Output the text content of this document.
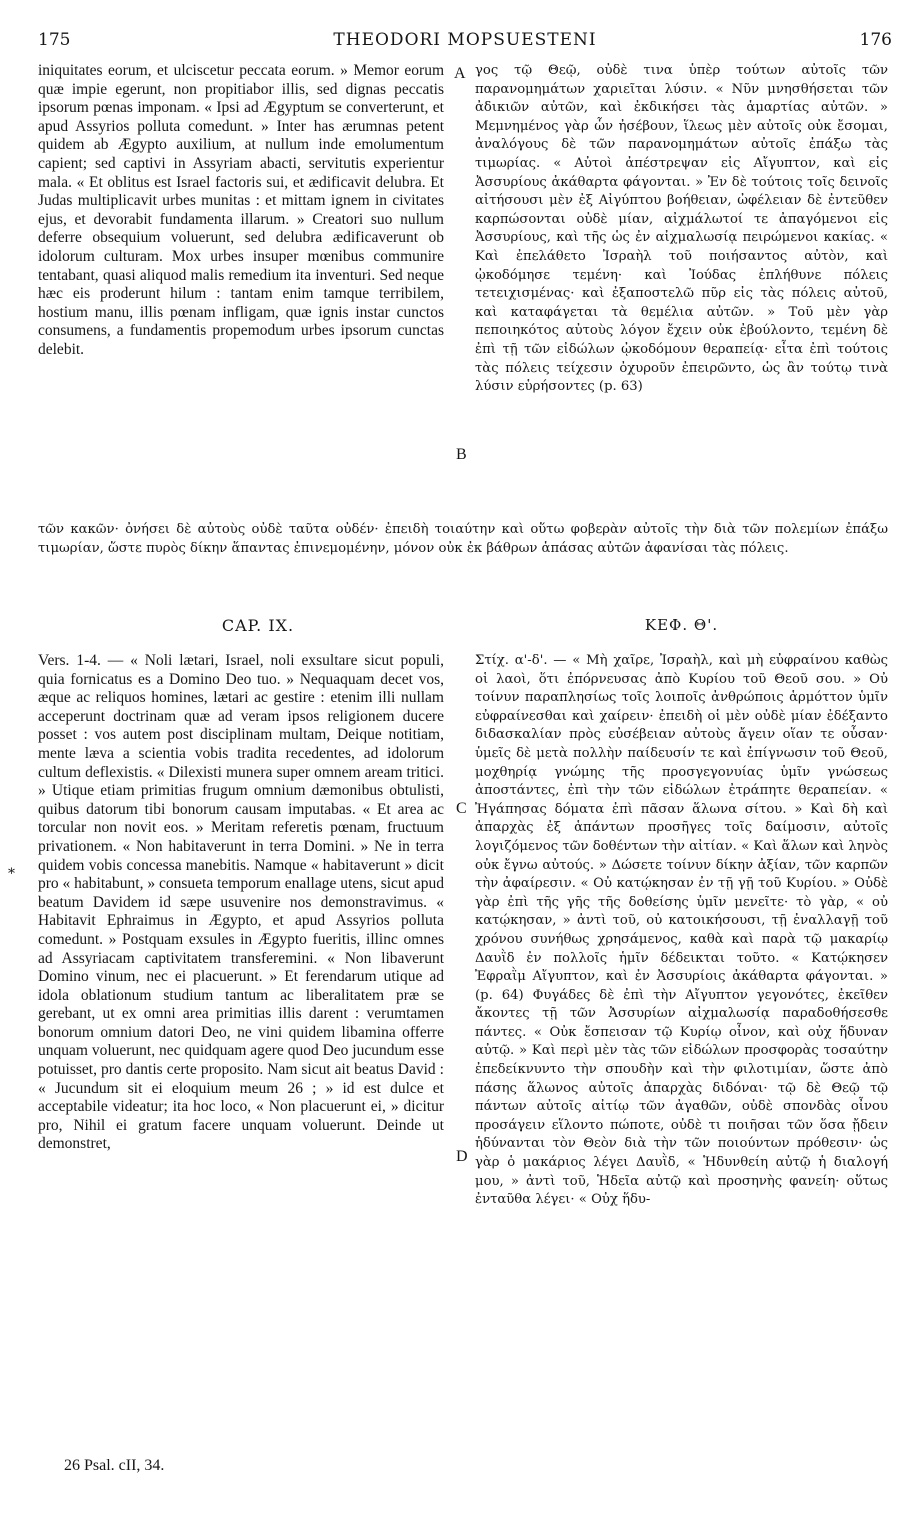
175	THEODORI MOPSUESTENI	176

iniquitates eorum, et ulciscetur peccata eorum. » Memor eorum quæ impie egerunt, non propitiabor illis, sed dignas peccatis ipsorum pœnas imponam. « Ipsi ad Ægyptum se converterunt, et apud Assyrios polluta comedunt. » Inter has ærumnas petent quidem ab Ægypto auxilium, at nullum inde emolumentum capient; sed captivi in Assyriam abacti, servitutis experientur mala. « Et oblitus est Israel factoris sui, et ædificavit delubra. Et Judas multiplicavit urbes munitas : et mittam ignem in civitates ejus, et devorabit fundamenta illarum. » Creatori suo nullum deferre obsequium voluerunt, sed delubra ædificaverunt ob idolorum culturam. Mox urbes insuper mœnibus communire tentabant, quasi aliquod malis remedium ita inventuri. Sed neque hæc eis proderunt hilum : tantam enim tamque terribilem, hostium manu, illis pœnam infligam, quæ ignis instar cunctos consumens, a fundamentis propemodum urbes ipsorum cunctas delebit.

γος τῷ Θεῷ, οὐδὲ τινα ὑπὲρ τούτων αὐτοῖς τῶν παρανομημάτων χαριεῖται λύσιν. « Νῦν μνησθήσεται τῶν ἀδικιῶν αὐτῶν, καὶ ἐκδικήσει τὰς ἁμαρτίας αὐτῶν. » Μεμνημένος γὰρ ὧν ἠσέβουν, ἵλεως μὲν αὐτοῖς οὐκ ἔσομαι, ἀναλόγους δὲ τῶν παρανομημάτων αὐτοῖς ἐπάξω τὰς τιμωρίας. « Αὐτοὶ ἀπέστρεψαν εἰς Αἴγυπτον, καὶ εἰς Ἀσσυρίους ἀκάθαρτα φάγονται. » Ἐν δὲ τούτοις τοῖς δεινοῖς αἰτήσουσι μὲν ἐξ Αἰγύπτου βοήθειαν, ὠφέλειαν δὲ ἐντεῦθεν καρπώσονται οὐδὲ μίαν, αἰχμάλωτοί τε ἀπαγόμενοι εἰς Ἀσσυρίους, καὶ τῆς ὡς ἐν αἰχμαλωσίᾳ πειρώμενοι κακίας. « Καὶ ἐπελάθετο Ἰσραὴλ τοῦ ποιήσαντος αὐτὸν, καὶ ᾠκοδόμησε τεμένη· καὶ Ἰούδας ἐπλήθυνε πόλεις τετειχισμένας· καὶ ἐξαποστελῶ πῦρ εἰς τὰς πόλεις αὐτοῦ, καὶ καταφάγεται τὰ θεμέλια αὐτῶν. » Τοῦ μὲν γὰρ πεποιηκότος αὐτοὺς λόγον ἔχειν οὐκ ἐβούλοντο, τεμένη δὲ ἐπὶ τῇ τῶν εἰδώλων ᾠκοδόμουν θεραπείᾳ· εἶτα ἐπὶ τούτοις τὰς πόλεις τείχεσιν ὀχυροῦν ἐπειρῶντο, ὡς ἂν τούτῳ τινὰ λύσιν εὑρήσοντες (p. 63)

τῶν κακῶν· ὀνήσει δὲ αὐτοὺς οὐδὲ ταῦτα οὐδέν· ἐπειδὴ τοιαύτην καὶ οὕτω φοβερὰν αὐτοῖς τὴν διὰ τῶν πολεμίων ἐπάξω τιμωρίαν, ὥστε πυρὸς δίκην ἅπαντας ἐπινεμομένην, μόνον οὐκ ἐκ βάθρων ἁπάσας αὐτῶν ἀφανίσαι τὰς πόλεις.
CAP. IX.	ΚΕΦ. Θ'.

Vers. 1-4. — « Noli lætari, Israel, noli exsultare sicut populi, quia fornicatus es a Domino Deo tuo. » Nequaquam decet vos, æque ac reliquos homines, lætari ac gestire : etenim illi nullam acceperunt doctrinam quæ ad veram ipsos religionem ducere posset : vos autem post disciplinam multam, Deique notitiam, mente læva a scientia vobis tradita recedentes, ad idolorum cultum deflexistis. « Dilexisti munera super omnem aream tritici. » Utique etiam primitias frugum omnium dæmonibus obtulisti, quibus datorum tibi bonorum causam imputabas. « Et area ac torcular non novit eos. » Meritam referetis pœnam, fructuum privationem. « Non habitaverunt in terra Domini. » Ne in terra quidem vobis concessa manebitis. Namque « habitaverunt » dicit pro « habitabunt, » consueta temporum enallage utens, sicut apud beatum Davidem id sæpe usuvenire nos demonstravimus. « Habitavit Ephraimus in Ægypto, et apud Assyrios polluta comedunt. » Postquam exsules in Ægypto fueritis, illinc omnes ad Assyriacam captivitatem transferemini. « Non libaverunt Domino vinum, nec ei placuerunt. » Et ferendarum utique ad idola oblationum studium tantum ac liberalitatem præ se gerebant, ut ex omni area primitias illis darent : verumtamen bonorum omnium datori Deo, ne vini quidem libamina offerre unquam voluerunt, nec quidquam agere quod Deo jucundum esse potuisset, pro dantis certe proposito. Nam sicut ait beatus David : « Jucundum sit ei eloquium meum 26 ; » id est dulce et acceptabile videatur; ita hoc loco, « Non placuerunt ei, » dicitur pro, Nihil ei gratum facere unquam voluerunt. Deinde ut demonstret,

Στίχ. α'-δ'. — « Μὴ χαῖρε, Ἰσραὴλ, καὶ μὴ εὐφραίνου καθὼς οἱ λαοὶ, ὅτι ἐπόρνευσας ἀπὸ Κυρίου τοῦ Θεοῦ σου. » Οὐ τοίνυν παραπλησίως τοῖς λοιποῖς ἀνθρώποις ἁρμόττον ὑμῖν εὐφραίνεσθαι καὶ χαίρειν· ἐπειδὴ οἱ μὲν οὐδὲ μίαν ἐδέξαντο διδασκαλίαν πρὸς εὐσέβειαν αὐτοὺς ἄγειν οἵαν τε οὖσαν· ὑμεῖς δὲ μετὰ πολλὴν παίδευσίν τε καὶ ἐπίγνωσιν τοῦ Θεοῦ, μοχθηρίᾳ γνώμης τῆς προσγεγονυίας ὑμῖν γνώσεως ἀποστάντες, ἐπὶ τὴν τῶν εἰδώλων ἐτράπητε θεραπείαν. « Ἠγάπησας δόματα ἐπὶ πᾶσαν ἅλωνα σίτου. » Καὶ δὴ καὶ ἀπαρχὰς ἐξ ἁπάντων προσῆγες τοῖς δαίμοσιν, αὐτοῖς λογιζόμενος τῶν δοθέντων τὴν αἰτίαν. « Καὶ ἅλων καὶ ληνὸς οὐκ ἔγνω αὐτούς. » Δώσετε τοίνυν δίκην ἀξίαν, τῶν καρπῶν τὴν ἀφαίρεσιν. « Οὐ κατῴκησαν ἐν τῇ γῇ τοῦ Κυρίου. » Οὐδὲ γὰρ ἐπὶ τῆς γῆς τῆς δοθείσης ὑμῖν μενεῖτε· τὸ γὰρ, « οὐ κατῴκησαν, » ἀντὶ τοῦ, οὐ κατοικήσουσι, τῇ ἐναλλαγῇ τοῦ χρόνου συνήθως χρησάμενος, καθὰ καὶ παρὰ τῷ μακαρίῳ Δαυῒδ ἐν πολλοῖς ἡμῖν δέδεικται τοῦτο. « Κατῴκησεν Ἐφραῒμ Αἴγυπτον, καὶ ἐν Ἀσσυρίοις ἀκάθαρτα φάγονται. » (p. 64) Φυγάδες δὲ ἐπὶ τὴν Αἴγυπτον γεγονότες, ἐκεῖθεν ἄκοντες τῇ τῶν Ἀσσυρίων αἰχμαλωσίᾳ παραδοθήσεσθε πάντες. « Οὐκ ἔσπεισαν τῷ Κυρίῳ οἶνον, καὶ οὐχ ἥδυναν αὐτῷ. » Καὶ περὶ μὲν τὰς τῶν εἰδώλων προσφορὰς τοσαύτην ἐπεδείκνυντο τὴν σπουδὴν καὶ τὴν φιλοτιμίαν, ὥστε ἀπὸ πάσης ἅλωνος αὐτοῖς ἀπαρχὰς διδόναι· τῷ δὲ Θεῷ τῷ πάντων αὐτοῖς αἰτίῳ τῶν ἀγαθῶν, οὐδὲ σπονδὰς οἶνου προσάγειν εἵλοντο πώποτε, οὐδὲ τι ποιῆσαι τῶν ὅσα ᾔδειν ἡδύνανται τὸν Θεὸν διὰ τὴν τῶν ποιούντων πρόθεσιν· ὡς γὰρ ὁ μακάριος λέγει Δαυῒδ, « Ἡδυνθείη αὐτῷ ἡ διαλογή μου, » ἀντὶ τοῦ, Ἡδεῖα αὐτῷ καὶ προσηνὴς φανείη· οὕτως ἐνταῦθα λέγει· « Οὐχ ἥδυ-

A
B
C
D
*
26 Psal. cII, 34.
